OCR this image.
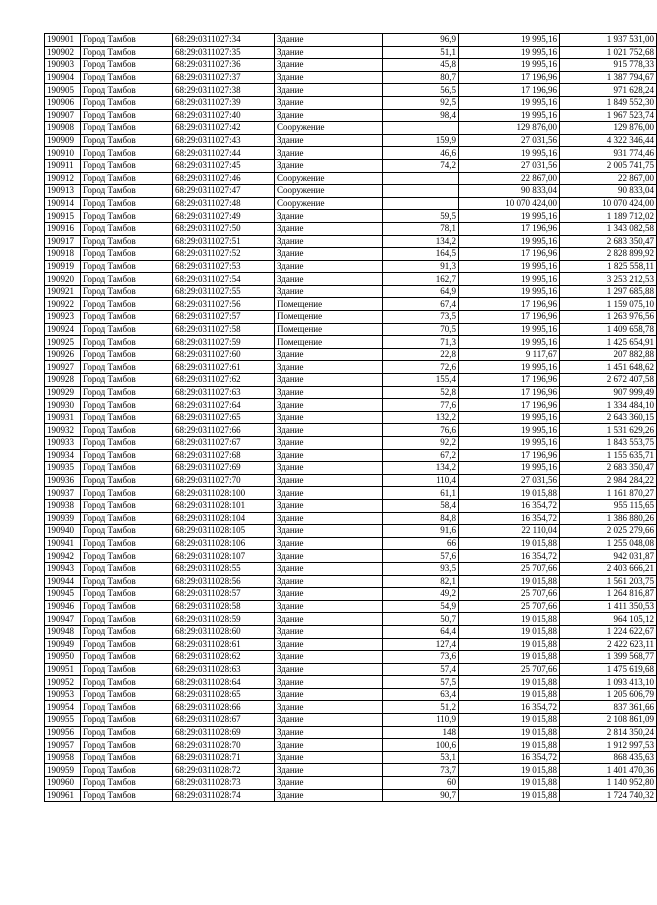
190901	Город Тамбов	68:29:0311027:34	Здание	96,9	19 995,16	1 937 531,00
190902	Город Тамбов	68:29:0311027:35	Здание	51,1	19 995,16	1 021 752,68
190903	Город Тамбов	68:29:0311027:36	Здание	45,8	19 995,16	915 778,33
190904	Город Тамбов	68:29:0311027:37	Здание	80,7	17 196,96	1 387 794,67
190905	Город Тамбов	68:29:0311027:38	Здание	56,5	17 196,96	971 628,24
190906	Город Тамбов	68:29:0311027:39	Здание	92,5	19 995,16	1 849 552,30
190907	Город Тамбов	68:29:0311027:40	Здание	98,4	19 995,16	1 967 523,74
190908	Город Тамбов	68:29:0311027:42	Сооружение		129 876,00	129 876,00
190909	Город Тамбов	68:29:0311027:43	Здание	159,9	27 031,56	4 322 346,44
190910	Город Тамбов	68:29:0311027:44	Здание	46,6	19 995,16	931 774,46
190911	Город Тамбов	68:29:0311027:45	Здание	74,2	27 031,56	2 005 741,75
190912	Город Тамбов	68:29:0311027:46	Сооружение		22 867,00	22 867,00
190913	Город Тамбов	68:29:0311027:47	Сооружение		90 833,04	90 833,04
190914	Город Тамбов	68:29:0311027:48	Сооружение		10 070 424,00	10 070 424,00
190915	Город Тамбов	68:29:0311027:49	Здание	59,5	19 995,16	1 189 712,02
190916	Город Тамбов	68:29:0311027:50	Здание	78,1	17 196,96	1 343 082,58
190917	Город Тамбов	68:29:0311027:51	Здание	134,2	19 995,16	2 683 350,47
190918	Город Тамбов	68:29:0311027:52	Здание	164,5	17 196,96	2 828 899,92
190919	Город Тамбов	68:29:0311027:53	Здание	91,3	19 995,16	1 825 558,11
190920	Город Тамбов	68:29:0311027:54	Здание	162,7	19 995,16	3 253 212,53
190921	Город Тамбов	68:29:0311027:55	Здание	64,9	19 995,16	1 297 685,88
190922	Город Тамбов	68:29:0311027:56	Помещение	67,4	17 196,96	1 159 075,10
190923	Город Тамбов	68:29:0311027:57	Помещение	73,5	17 196,96	1 263 976,56
190924	Город Тамбов	68:29:0311027:58	Помещение	70,5	19 995,16	1 409 658,78
190925	Город Тамбов	68:29:0311027:59	Помещение	71,3	19 995,16	1 425 654,91
190926	Город Тамбов	68:29:0311027:60	Здание	22,8	9 117,67	207 882,88
190927	Город Тамбов	68:29:0311027:61	Здание	72,6	19 995,16	1 451 648,62
190928	Город Тамбов	68:29:0311027:62	Здание	155,4	17 196,96	2 672 407,58
190929	Город Тамбов	68:29:0311027:63	Здание	52,8	17 196,96	907 999,49
190930	Город Тамбов	68:29:0311027:64	Здание	77,6	17 196,96	1 334 484,10
190931	Город Тамбов	68:29:0311027:65	Здание	132,2	19 995,16	2 643 360,15
190932	Город Тамбов	68:29:0311027:66	Здание	76,6	19 995,16	1 531 629,26
190933	Город Тамбов	68:29:0311027:67	Здание	92,2	19 995,16	1 843 553,75
190934	Город Тамбов	68:29:0311027:68	Здание	67,2	17 196,96	1 155 635,71
190935	Город Тамбов	68:29:0311027:69	Здание	134,2	19 995,16	2 683 350,47
190936	Город Тамбов	68:29:0311027:70	Здание	110,4	27 031,56	2 984 284,22
190937	Город Тамбов	68:29:0311028:100	Здание	61,1	19 015,88	1 161 870,27
190938	Город Тамбов	68:29:0311028:101	Здание	58,4	16 354,72	955 115,65
190939	Город Тамбов	68:29:0311028:104	Здание	84,8	16 354,72	1 386 880,26
190940	Город Тамбов	68:29:0311028:105	Здание	91,6	22 110,04	2 025 279,66
190941	Город Тамбов	68:29:0311028:106	Здание	66	19 015,88	1 255 048,08
190942	Город Тамбов	68:29:0311028:107	Здание	57,6	16 354,72	942 031,87
190943	Город Тамбов	68:29:0311028:55	Здание	93,5	25 707,66	2 403 666,21
190944	Город Тамбов	68:29:0311028:56	Здание	82,1	19 015,88	1 561 203,75
190945	Город Тамбов	68:29:0311028:57	Здание	49,2	25 707,66	1 264 816,87
190946	Город Тамбов	68:29:0311028:58	Здание	54,9	25 707,66	1 411 350,53
190947	Город Тамбов	68:29:0311028:59	Здание	50,7	19 015,88	964 105,12
190948	Город Тамбов	68:29:0311028:60	Здание	64,4	19 015,88	1 224 622,67
190949	Город Тамбов	68:29:0311028:61	Здание	127,4	19 015,88	2 422 623,11
190950	Город Тамбов	68:29:0311028:62	Здание	73,6	19 015,88	1 399 568,77
190951	Город Тамбов	68:29:0311028:63	Здание	57,4	25 707,66	1 475 619,68
190952	Город Тамбов	68:29:0311028:64	Здание	57,5	19 015,88	1 093 413,10
190953	Город Тамбов	68:29:0311028:65	Здание	63,4	19 015,88	1 205 606,79
190954	Город Тамбов	68:29:0311028:66	Здание	51,2	16 354,72	837 361,66
190955	Город Тамбов	68:29:0311028:67	Здание	110,9	19 015,88	2 108 861,09
190956	Город Тамбов	68:29:0311028:69	Здание	148	19 015,88	2 814 350,24
190957	Город Тамбов	68:29:0311028:70	Здание	100,6	19 015,88	1 912 997,53
190958	Город Тамбов	68:29:0311028:71	Здание	53,1	16 354,72	868 435,63
190959	Город Тамбов	68:29:0311028:72	Здание	73,7	19 015,88	1 401 470,36
190960	Город Тамбов	68:29:0311028:73	Здание	60	19 015,88	1 140 952,80
190961	Город Тамбов	68:29:0311028:74	Здание	90,7	19 015,88	1 724 740,32
